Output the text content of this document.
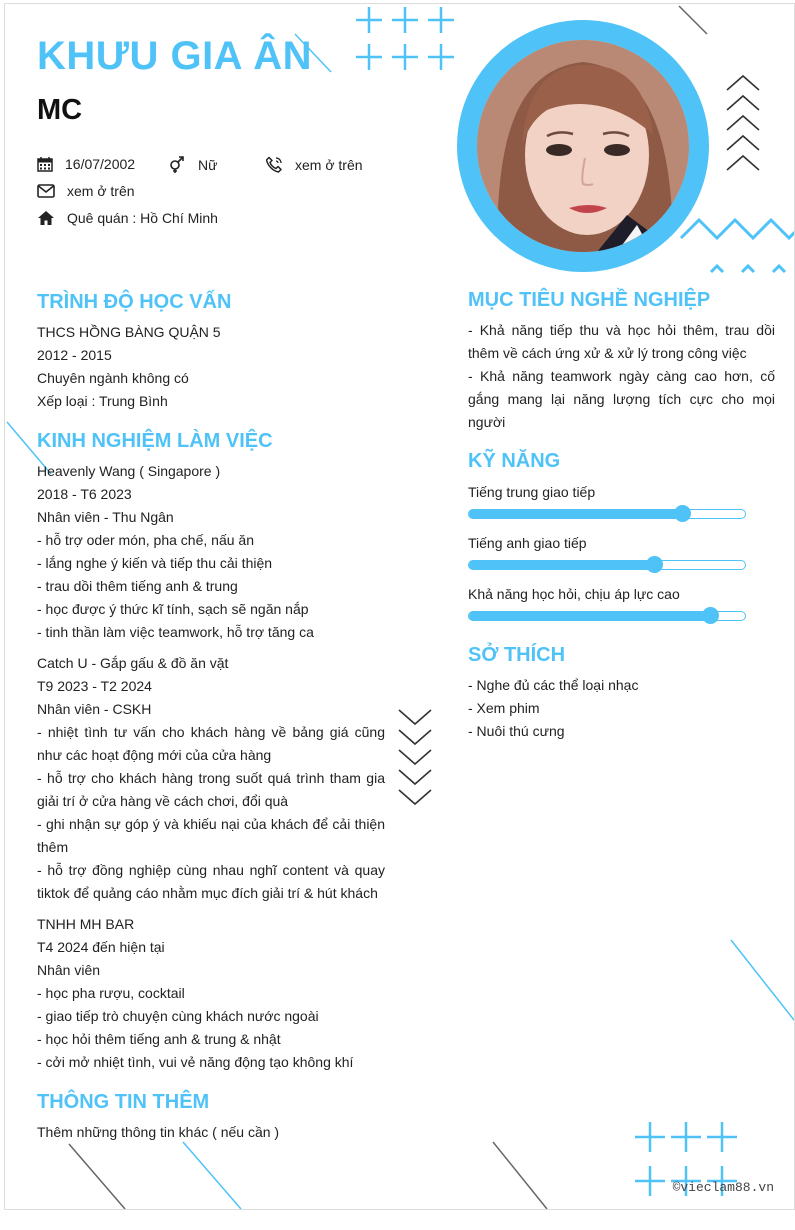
KHƯU GIA ÂN
MC
16/07/2002	Nữ	xem ở trên
xem ở trên
Quê quán : Hồ Chí Minh
TRÌNH ĐỘ HỌC VẤN
THCS HỒNG BÀNG QUẬN 5
2012 - 2015
Chuyên ngành không có
Xếp loại : Trung Bình
KINH NGHIỆM LÀM VIỆC
Heavenly Wang ( Singapore )
2018 - T6 2023
Nhân viên - Thu Ngân
- hỗ trợ oder món, pha chế, nấu ăn
- lắng nghe ý kiến và tiếp thu cải thiện
- trau dồi thêm tiếng anh & trung
- học được ý thức kĩ tính, sạch sẽ ngăn nắp
- tinh thần làm việc teamwork, hỗ trợ tăng ca
Catch U - Gắp gấu & đồ ăn vặt
T9 2023 - T2 2024
Nhân viên - CSKH
- nhiệt tình tư vấn cho khách hàng về bảng giá cũng như các hoạt động mới của cửa hàng
- hỗ trợ cho khách hàng trong suốt quá trình tham gia giải trí ở cửa hàng về cách chơi, đổi quà
- ghi nhận sự góp ý và khiếu nại của khách để cải thiện thêm
- hỗ trợ đồng nghiệp cùng nhau nghĩ content và quay tiktok để quảng cáo nhằm mục đích giải trí & hút khách
TNHH MH BAR
T4 2024 đến hiện tại
Nhân viên
- học pha rượu, cocktail
- giao tiếp trò chuyện cùng khách nước ngoài
- học hỏi thêm tiếng anh & trung & nhật
- cởi mở nhiệt tình, vui vẻ năng động tạo không khí
THÔNG TIN THÊM
Thêm những thông tin khác ( nếu cần )
MỤC TIÊU NGHỀ NGHIỆP
- Khả năng tiếp thu và học hỏi thêm, trau dồi thêm về cách ứng xử & xử lý trong công việc
- Khả năng teamwork ngày càng cao hơn, cố gắng mang lại năng lượng tích cực cho mọi người
KỸ NĂNG
Tiếng trung giao tiếp
Tiếng anh giao tiếp
Khả năng học hỏi, chịu áp lực cao
SỞ THÍCH
- Nghe đủ các thể loại nhạc
- Xem phim
- Nuôi thú cưng
©vieclam88.vn
